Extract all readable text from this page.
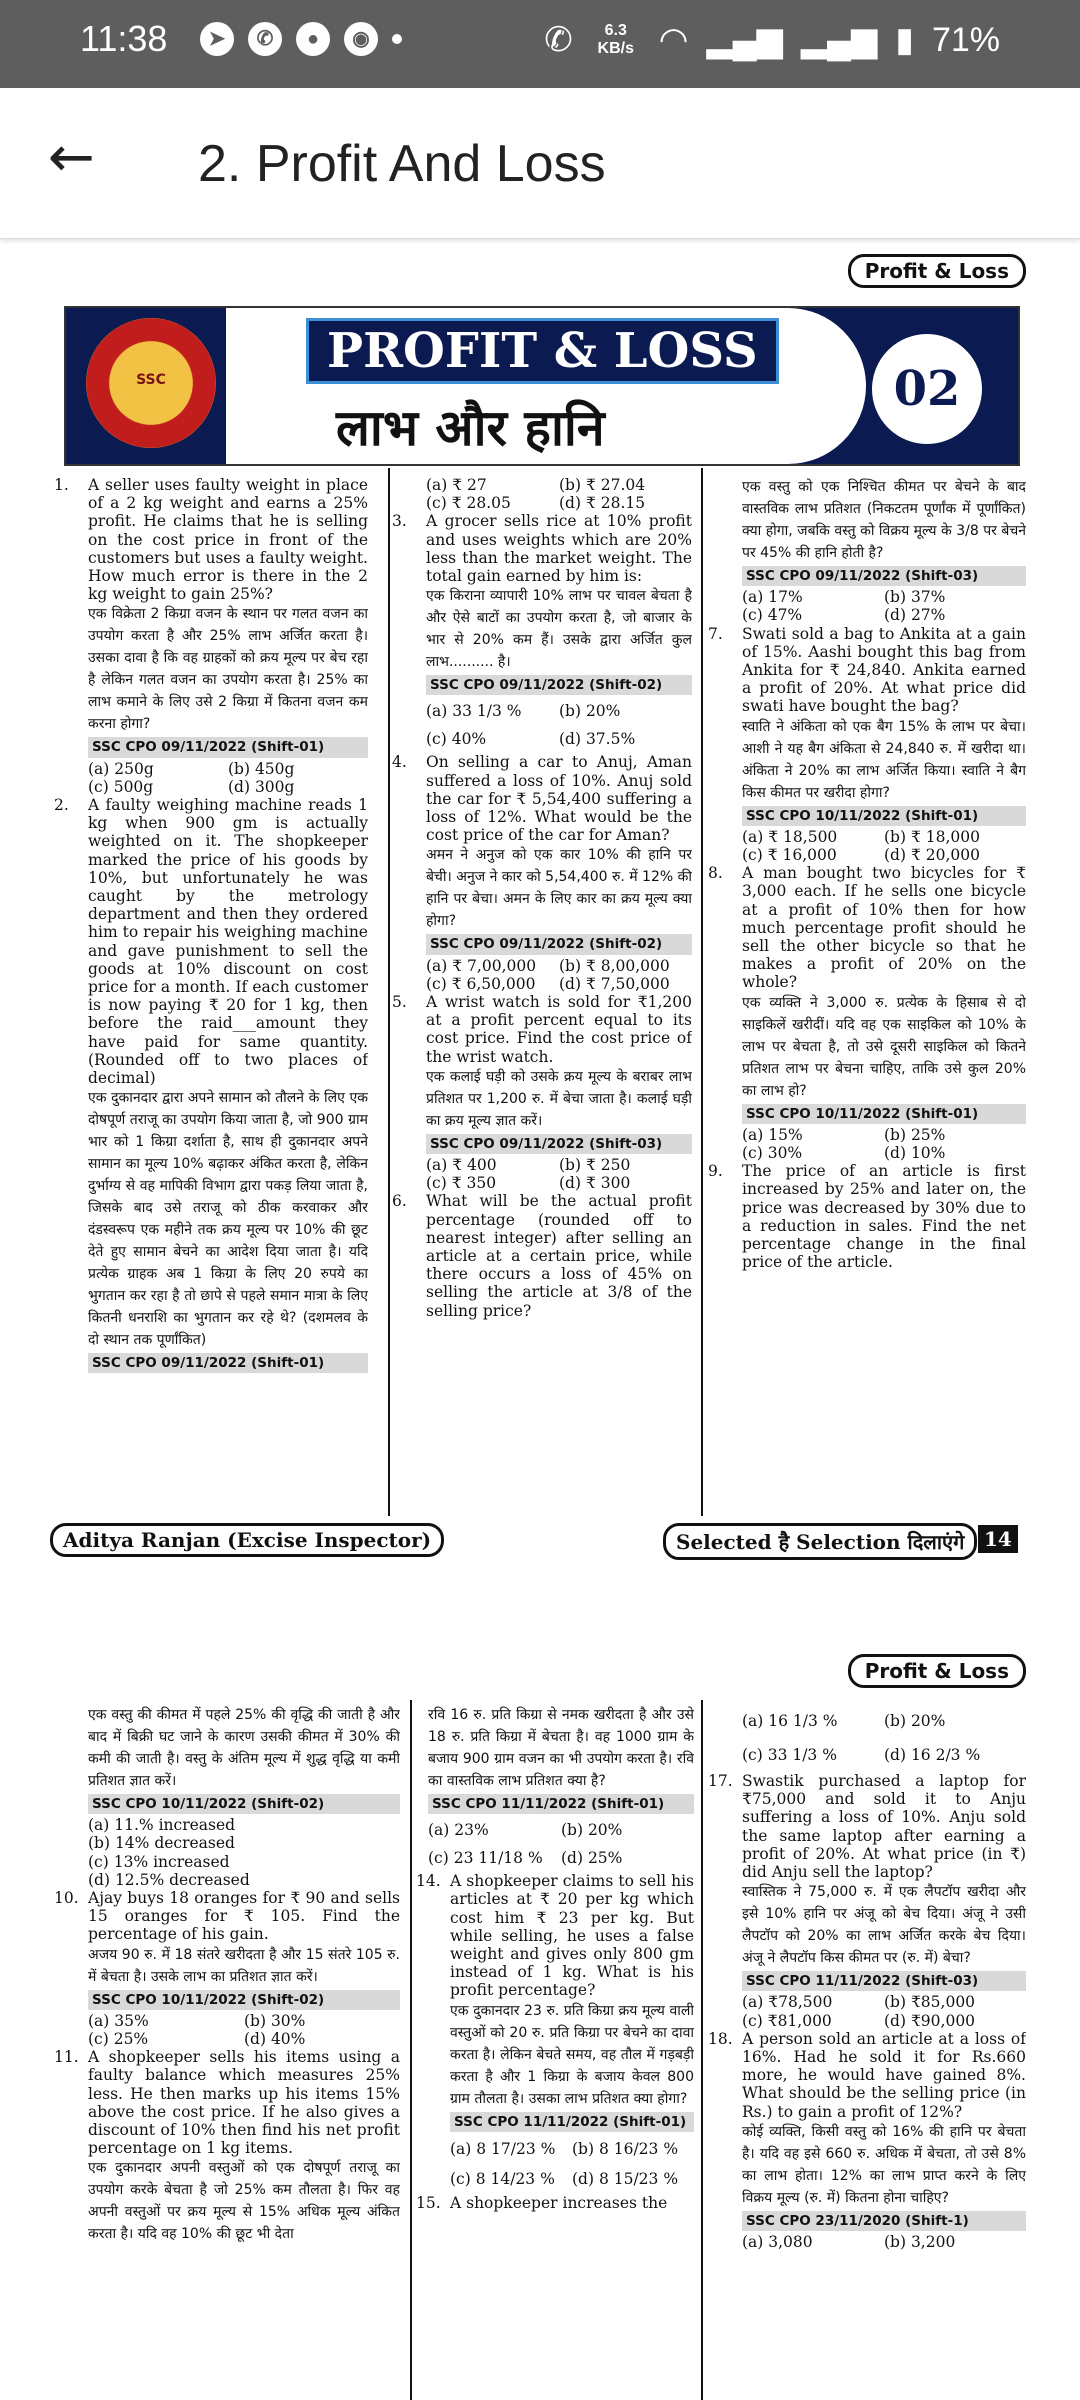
11:38	➤	✆	●	◉	✆	6.3 KB/s ◠ ▂▄▆ ▂▄▆ ▮ 71%
← 2. Profit And Loss
Profit & Loss
SSC
PROFIT & LOSS
लाभ और हानि
02
1.	A seller uses faulty weight in place of a 2 kg weight and earns a 25% profit. He claims that he is selling on the cost price in front of the customers but uses a faulty weight. How much error is there in the 2 kg weight to gain 25%?
एक विक्रेता 2 किग्रा वजन के स्थान पर गलत वजन का उपयोग करता है और 25% लाभ अर्जित करता है। उसका दावा है कि वह ग्राहकों को क्रय मूल्य पर बेच रहा है लेकिन गलत वजन का उपयोग करता है। 25% का लाभ कमाने के लिए उसे 2 किग्रा में कितना वजन कम करना होगा?
SSC CPO 09/11/2022 (Shift-01)
(a) 250g	(b) 450g
(c) 500g	(d) 300g
2.	A faulty weighing machine reads 1 kg when 900 gm is actually weighted on it. The shopkeeper marked the price of his goods by 10%, but unfortunately he was caught by the metrology department and then they ordered him to repair his weighing machine and gave punishment to sell the goods at 10% discount on cost price for a month. If each customer is now paying ₹ 20 for 1 kg, then before the raid___amount they have paid for same quantity. (Rounded off to two places of decimal)
एक दुकानदार द्वारा अपने सामान को तौलने के लिए एक दोषपूर्ण तराजू का उपयोग किया जाता है, जो 900 ग्राम भार को 1 किग्रा दर्शाता है, साथ ही दुकानदार अपने सामान का मूल्य 10% बढ़ाकर अंकित करता है, लेकिन दुर्भाग्य से वह मापिकी विभाग द्वारा पकड़ लिया जाता है, जिसके बाद उसे तराजू को ठीक करवाकर और दंडस्वरूप एक महीने तक क्रय मूल्य पर 10% की छूट देते हुए सामान बेचने का आदेश दिया जाता है। यदि प्रत्येक ग्राहक अब 1 किग्रा के लिए 20 रुपये का भुगतान कर रहा है तो छापे से पहले समान मात्रा के लिए कितनी धनराशि का भुगतान कर रहे थे? (दशमलव के दो स्थान तक पूर्णांकित)
SSC CPO 09/11/2022 (Shift-01)
(a) ₹ 27	(b) ₹ 27.04
(c) ₹ 28.05	(d) ₹ 28.15
3.	A grocer sells rice at 10% profit and uses weights which are 20% less than the market weight. The total gain earned by him is:
एक किराना व्यापारी 10% लाभ पर चावल बेचता है और ऐसे बाटों का उपयोग करता है, जो बाजार के भार से 20% कम हैं। उसके द्वारा अर्जित कुल लाभ.......... है।
SSC CPO 09/11/2022 (Shift-02)
(a) 33 1/3 %	(b) 20%
(c) 40%	(d) 37.5%
4.	On selling a car to Anuj, Aman suffered a loss of 10%. Anuj sold the car for ₹ 5,54,400 suffering a loss of 12%. What would be the cost price of the car for Aman?
अमन ने अनुज को एक कार 10% की हानि पर बेची। अनुज ने कार को 5,54,400 रु. में 12% की हानि पर बेचा। अमन के लिए कार का क्रय मूल्य क्या होगा?
SSC CPO 09/11/2022 (Shift-02)
(a) ₹ 7,00,000	(b) ₹ 8,00,000
(c) ₹ 6,50,000	(d) ₹ 7,50,000
5.	A wrist watch is sold for ₹1,200 at a profit percent equal to its cost price. Find the cost price of the wrist watch.
एक कलाई घड़ी को उसके क्रय मूल्य के बराबर लाभ प्रतिशत पर 1,200 रु. में बेचा जाता है। कलाई घड़ी का क्रय मूल्य ज्ञात करें।
SSC CPO 09/11/2022 (Shift-03)
(a) ₹ 400	(b) ₹ 250
(c) ₹ 350	(d) ₹ 300
6.	What will be the actual profit percentage (rounded off to nearest integer) after selling an article at a certain price, while there occurs a loss of 45% on selling the article at 3/8 of the selling price?
एक वस्तु को एक निश्चित कीमत पर बेचने के बाद वास्तविक लाभ प्रतिशत (निकटतम पूर्णांक में पूर्णांकित) क्या होगा, जबकि वस्तु को विक्रय मूल्य के 3/8 पर बेचने पर 45% की हानि होती है?
SSC CPO 09/11/2022 (Shift-03)
(a) 17%	(b) 37%
(c) 47%	(d) 27%
7.	Swati sold a bag to Ankita at a gain of 15%. Aashi bought this bag from Ankita for ₹ 24,840. Ankita earned a profit of 20%. At what price did swati have bought the bag?
स्वाति ने अंकिता को एक बैग 15% के लाभ पर बेचा। आशी ने यह बैग अंकिता से 24,840 रु. में खरीदा था। अंकिता ने 20% का लाभ अर्जित किया। स्वाति ने बैग किस कीमत पर खरीदा होगा?
SSC CPO 10/11/2022 (Shift-01)
(a) ₹ 18,500	(b) ₹ 18,000
(c) ₹ 16,000	(d) ₹ 20,000
8.	A man bought two bicycles for ₹ 3,000 each. If he sells one bicycle at a profit of 10% then for how much percentage profit should he sell the other bicycle so that he makes a profit of 20% on the whole?
एक व्यक्ति ने 3,000 रु. प्रत्येक के हिसाब से दो साइकिलें खरीदीं। यदि वह एक साइकिल को 10% के लाभ पर बेचता है, तो उसे दूसरी साइकिल को कितने प्रतिशत लाभ पर बेचना चाहिए, ताकि उसे कुल 20% का लाभ हो?
SSC CPO 10/11/2022 (Shift-01)
(a) 15%	(b) 25%
(c) 30%	(d) 10%
9.	The price of an article is first increased by 25% and later on, the price was decreased by 30% due to a reduction in sales. Find the net percentage change in the final price of the article.
Aditya Ranjan (Excise Inspector)	Selected है Selection दिलाएंगे 14
Profit & Loss
एक वस्तु की कीमत में पहले 25% की वृद्धि की जाती है और बाद में बिक्री घट जाने के कारण उसकी कीमत में 30% की कमी की जाती है। वस्तु के अंतिम मूल्य में शुद्ध वृद्धि या कमी प्रतिशत ज्ञात करें।
SSC CPO 10/11/2022 (Shift-02)
(a) 11.% increased
(b) 14% decreased
(c) 13% increased
(d) 12.5% decreased
10. Ajay buys 18 oranges for ₹ 90 and sells 15 oranges for ₹ 105. Find the percentage of his gain.
अजय 90 रु. में 18 संतरे खरीदता है और 15 संतरे 105 रु. में बेचता है। उसके लाभ का प्रतिशत ज्ञात करें।
SSC CPO 10/11/2022 (Shift-02)
(a) 35%	(b) 30%
(c) 25%	(d) 40%
11. A shopkeeper sells his items using a faulty balance which measures 25% less. He then marks up his items 15% above the cost price. If he also gives a discount of 10% then find his net profit percentage on 1 kg items.
एक दुकानदार अपनी वस्तुओं को एक दोषपूर्ण तराजू का उपयोग करके बेचता है जो 25% कम तौलता है। फिर वह अपनी वस्तुओं पर क्रय मूल्य से 15% अधिक मूल्य अंकित करता है। यदि वह 10% की छूट भी देता
रवि 16 रु. प्रति किग्रा से नमक खरीदता है और उसे 18 रु. प्रति किग्रा में बेचता है। वह 1000 ग्राम के बजाय 900 ग्राम वजन का भी उपयोग करता है। रवि का वास्तविक लाभ प्रतिशत क्या है?
SSC CPO 11/11/2022 (Shift-01)
(a) 23%	(b) 20%
(c) 23 11/18 %	(d) 25%
14. A shopkeeper claims to sell his articles at ₹ 20 per kg which cost him ₹ 23 per kg. But while selling, he uses a false weight and gives only 800 gm instead of 1 kg. What is his profit percentage?
एक दुकानदार 23 रु. प्रति किग्रा क्रय मूल्य वाली वस्तुओं को 20 रु. प्रति किग्रा पर बेचने का दावा करता है। लेकिन बेचते समय, वह तौल में गड़बड़ी करता है और 1 किग्रा के बजाय केवल 800 ग्राम तौलता है। उसका लाभ प्रतिशत क्या होगा?
SSC CPO 11/11/2022 (Shift-01)
(a) 8 17/23 %	(b) 8 16/23 %
(c) 8 14/23 %	(d) 8 15/23 %
15. A shopkeeper increases the
(a) 16 1/3 %	(b) 20%
(c) 33 1/3 %	(d) 16 2/3 %
17. Swastik purchased a laptop for ₹75,000 and sold it to Anju suffering a loss of 10%. Anju sold the same laptop after earning a profit of 20%. At what price (in ₹) did Anju sell the laptop?
स्वास्तिक ने 75,000 रु. में एक लैपटॉप खरीदा और इसे 10% हानि पर अंजू को बेच दिया। अंजू ने उसी लैपटॉप को 20% का लाभ अर्जित करके बेच दिया। अंजू ने लैपटॉप किस कीमत पर (रु. में) बेचा?
SSC CPO 11/11/2022 (Shift-03)
(a) ₹78,500	(b) ₹85,000
(c) ₹81,000	(d) ₹90,000
18. A person sold an article at a loss of 16%. Had he sold it for Rs.660 more, he would have gained 8%. What should be the selling price (in Rs.) to gain a profit of 12%?
कोई व्यक्ति, किसी वस्तु को 16% की हानि पर बेचता है। यदि वह इसे 660 रु. अधिक में बेचता, तो उसे 8% का लाभ होता। 12% का लाभ प्राप्त करने के लिए विक्रय मूल्य (रु. में) कितना होना चाहिए?
SSC CPO 23/11/2020 (Shift-1)
(a) 3,080	(b) 3,200
